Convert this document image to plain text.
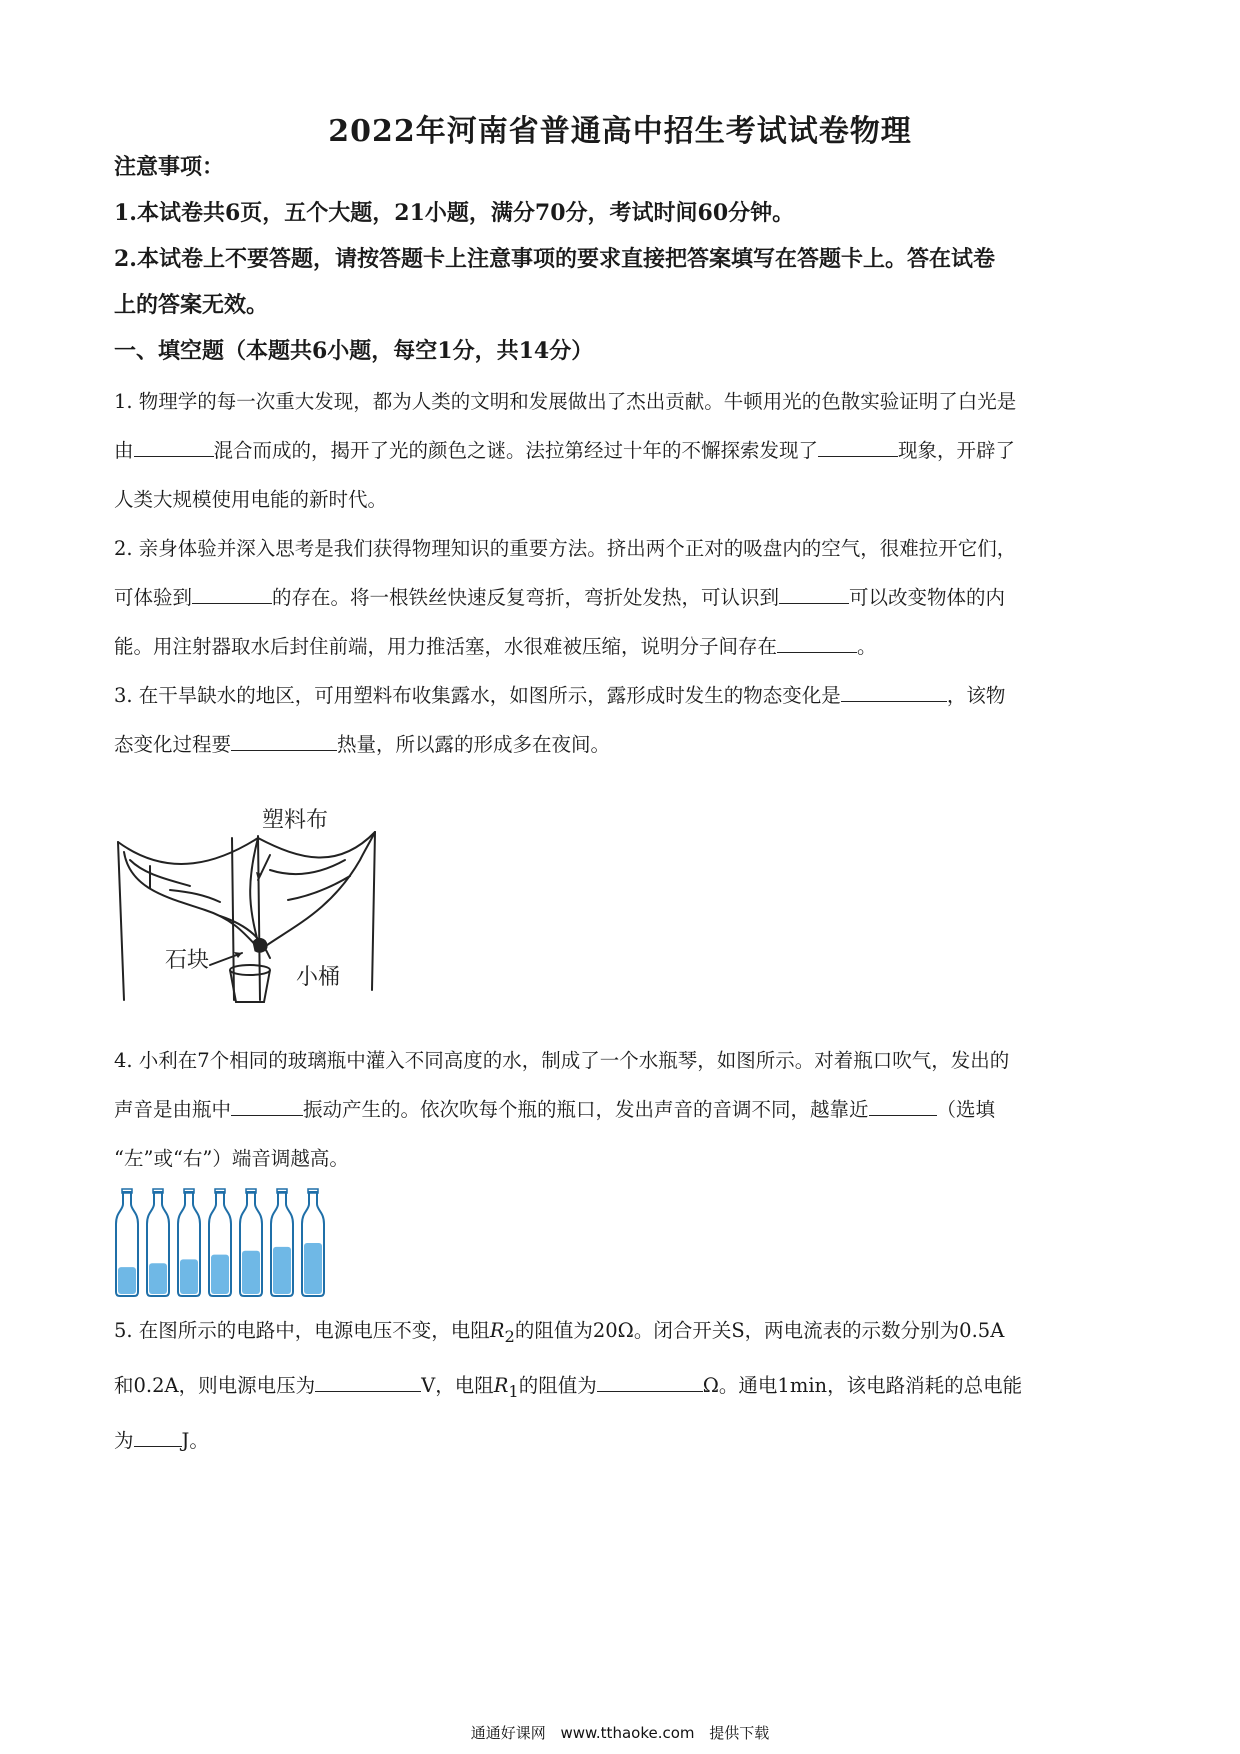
2022年河南省普通高中招生考试试卷物理
注意事项：
1.本试卷共6页，五个大题，21小题，满分70分，考试时间60分钟。
2.本试卷上不要答题，请按答题卡上注意事项的要求直接把答案填写在答题卡上。答在试卷
上的答案无效。
一、填空题（本题共6小题，每空1分，共14分）
1. 物理学的每一次重大发现，都为人类的文明和发展做出了杰出贡献。牛顿用光的色散实验证明了白光是
由	混合而成的，揭开了光的颜色之谜。法拉第经过十年的不懈探索发现了	现象，开辟了
人类大规模使用电能的新时代。
2. 亲身体验并深入思考是我们获得物理知识的重要方法。挤出两个正对的吸盘内的空气，很难拉开它们，
可体验到	的存在。将一根铁丝快速反复弯折，弯折处发热，可认识到	可以改变物体的内
能。用注射器取水后封住前端，用力推活塞，水很难被压缩，说明分子间存在	。
3. 在干旱缺水的地区，可用塑料布收集露水，如图所示，露形成时发生的物态变化是	，该物
态变化过程要	热量，所以露的形成多在夜间。
塑料布
石块
小桶
4. 小利在7个相同的玻璃瓶中灌入不同高度的水，制成了一个水瓶琴，如图所示。对着瓶口吹气，发出的
声音是由瓶中	振动产生的。依次吹每个瓶的瓶口，发出声音的音调不同，越靠近	（选填
“左”或“右”）端音调越高。
5. 在图所示的电路中，电源电压不变，电阻$R_2$的阻值为20Ω。闭合开关S，两电流表的示数分别为0.5A
和0.2A，则电源电压为	V，电阻$R_1$的阻值为	Ω。通电1min，该电路消耗的总电能
为 J。
通通好课网 www.tthaoke.com 提供下载
